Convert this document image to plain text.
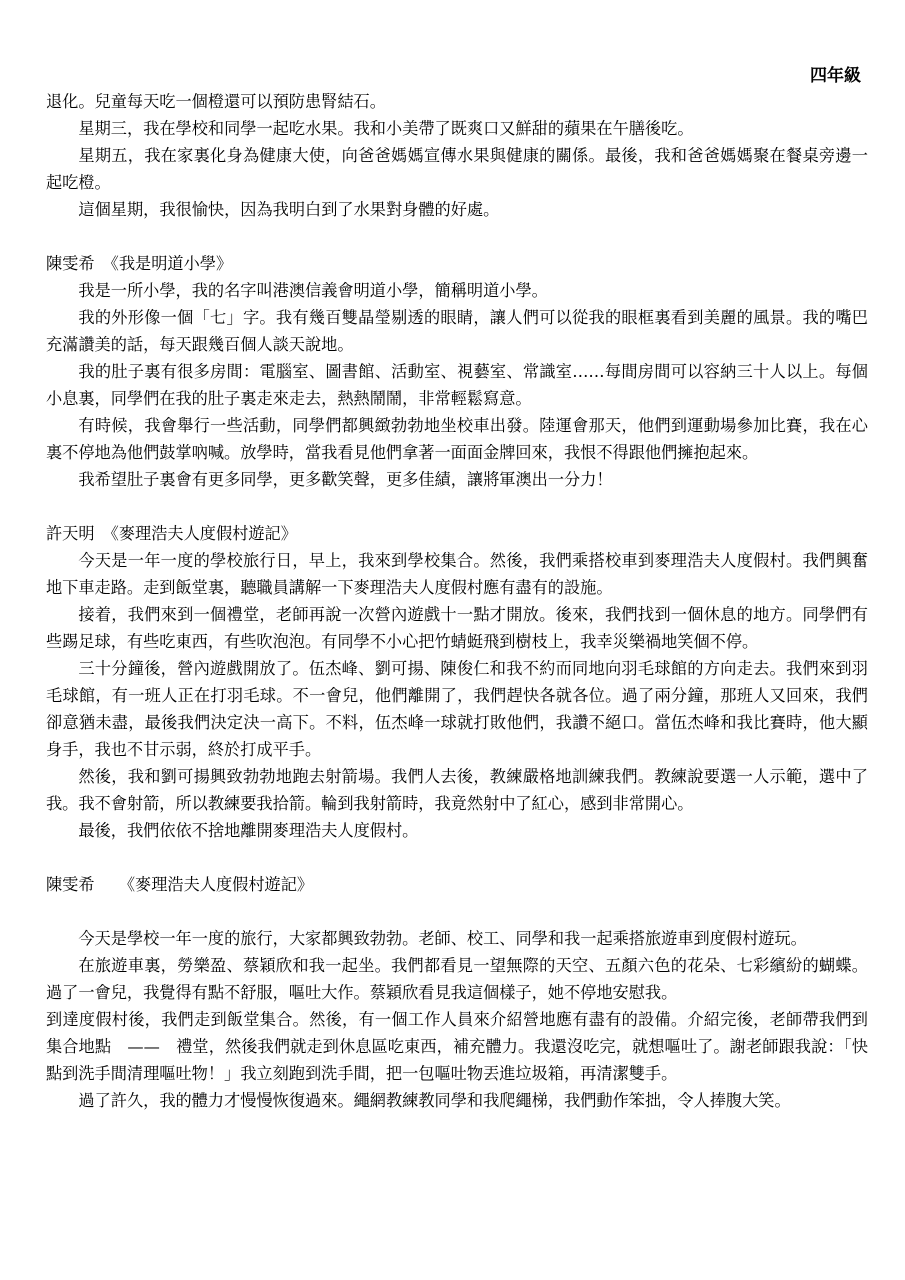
四年級

退化。兒童每天吃一個橙還可以預防患腎結石。

星期三，我在學校和同學一起吃水果。我和小美帶了既爽口又鮮甜的蘋果在午膳後吃。

星期五，我在家裏化身為健康大使，向爸爸媽媽宣傳水果與健康的關係。最後，我和爸爸媽媽聚在餐桌旁邊一起吃橙。

這個星期，我很愉快，因為我明白到了水果對身體的好處。

陳雯希　 《我是明道小學》

我是一所小學，我的名字叫港澳信義會明道小學，簡稱明道小學。

我的外形像一個「七」字。我有幾百雙晶瑩剔透的眼睛，讓人們可以從我的眼框裏看到美麗的風景。我的嘴巴充滿讚美的話，每天跟幾百個人談天說地。

我的肚子裏有很多房間：電腦室、圖書館、活動室、視藝室、常識室……每間房間可以容納三十人以上。每個小息裏，同學們在我的肚子裏走來走去，熱熱鬧鬧，非常輕鬆寫意。

有時候，我會舉行一些活動，同學們都興緻勃勃地坐校車出發。陸運會那天，他們到運動場參加比賽，我在心裏不停地為他們鼓掌吶喊。放學時，當我看見他們拿著一面面金牌回來，我恨不得跟他們擁抱起來。

我希望肚子裏會有更多同學，更多歡笑聲，更多佳績，讓將軍澳出一分力！

許天明　 《麥理浩夫人度假村遊記》

今天是一年一度的學校旅行日，早上，我來到學校集合。然後，我們乘搭校車到麥理浩夫人度假村。我們興奮地下車走路。走到飯堂裏，聽職員講解一下麥理浩夫人度假村應有盡有的設施。

接着，我們來到一個禮堂，老師再說一次營內遊戲十一點才開放。後來，我們找到一個休息的地方。同學們有些踢足球，有些吃東西，有些吹泡泡。有同學不小心把竹蜻蜓飛到樹枝上，我幸災樂禍地笑個不停。

三十分鐘後，營內遊戲開放了。伍杰峰、劉可揚、陳俊仁和我不約而同地向羽毛球館的方向走去。我們來到羽毛球館，有一班人正在打羽毛球。不一會兒，他們離開了，我們趕快各就各位。過了兩分鐘，那班人又回來，我們卻意猶未盡，最後我們決定決一高下。不料，伍杰峰一球就打敗他們，我讚不絕口。當伍杰峰和我比賽時，他大顯身手，我也不甘示弱，終於打成平手。

然後，我和劉可揚興致勃勃地跑去射箭場。我們人去後，教練嚴格地訓練我們。教練說要選一人示範，選中了我。我不會射箭，所以教練要我拾箭。輪到我射箭時，我竟然射中了紅心，感到非常開心。

最後，我們依依不捨地離開麥理浩夫人度假村。

陳雯希　　 《麥理浩夫人度假村遊記》

今天是學校一年一度的旅行，大家都興致勃勃。老師、校工、同學和我一起乘搭旅遊車到度假村遊玩。

在旅遊車裏，勞樂盈、蔡穎欣和我一起坐。我們都看見一望無際的天空、五顏六色的花朵、七彩繽紛的蝴蝶。過了一會兒，我覺得有點不舒服，嘔吐大作。蔡穎欣看見我這個樣子，她不停地安慰我。

到達度假村後，我們走到飯堂集合。然後，有一個工作人員來介紹營地應有盡有的設備。介紹完後，老師帶我們到集合地點　——　禮堂，然後我們就走到休息區吃東西，補充體力。我還沒吃完，就想嘔吐了。謝老師跟我說：「快點到洗手間清理嘔吐物！」我立刻跑到洗手間，把一包嘔吐物丟進垃圾箱，再清潔雙手。

過了許久，我的體力才慢慢恢復過來。繩網教練教同學和我爬繩梯，我們動作笨拙，令人捧腹大笑。
